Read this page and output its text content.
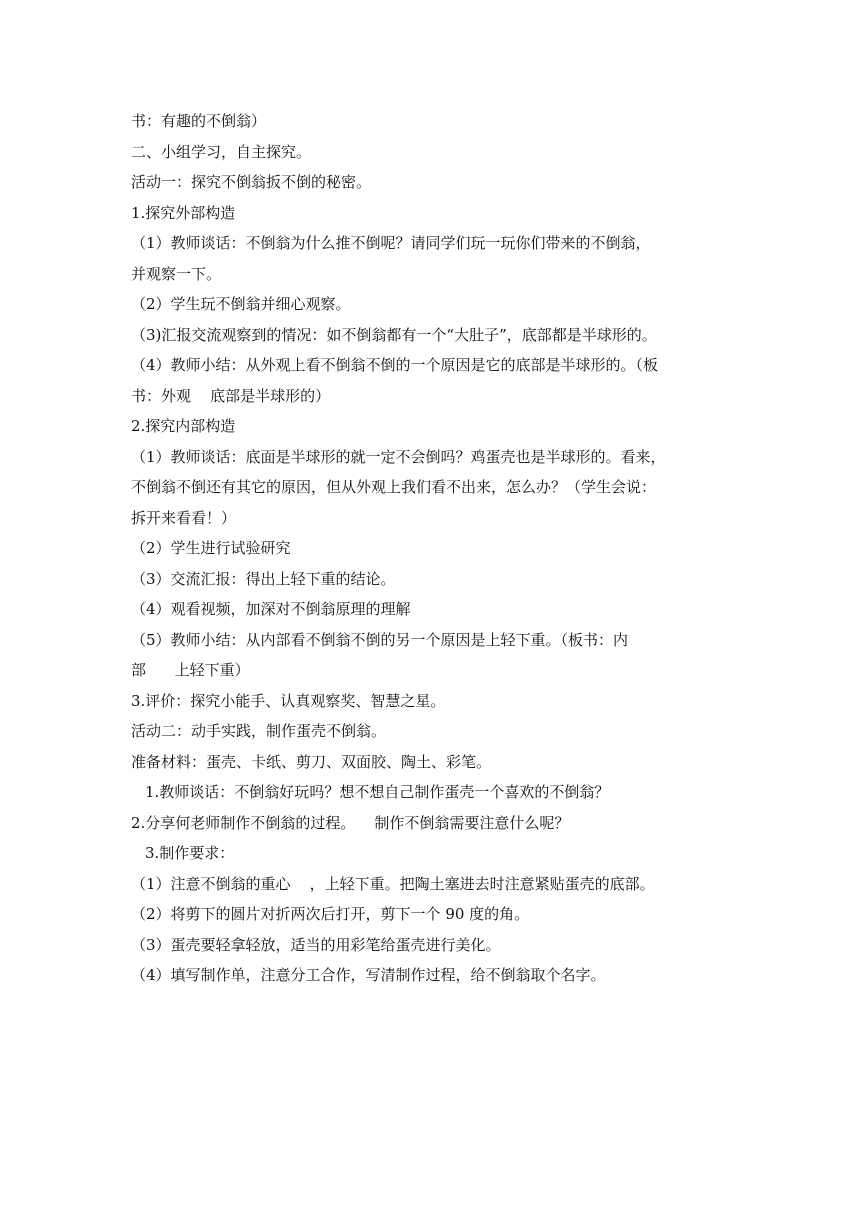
书：有趣的不倒翁）
二、小组学习，自主探究。
活动一：探究不倒翁扳不倒的秘密。
1.探究外部构造
（1）教师谈话：不倒翁为什么推不倒呢？请同学们玩一玩你们带来的不倒翁，
并观察一下。
（2）学生玩不倒翁并细心观察。
（3)汇报交流观察到的情况：如不倒翁都有一个“大肚子”，底部都是半球形的。
（4）教师小结：从外观上看不倒翁不倒的一个原因是它的底部是半球形的。（板
书：外观    底部是半球形的）
2.探究内部构造
（1）教师谈话：底面是半球形的就一定不会倒吗？鸡蛋壳也是半球形的。看来，
不倒翁不倒还有其它的原因，但从外观上我们看不出来，怎么办？（学生会说：
拆开来看看！）
（2）学生进行试验研究
（3）交流汇报：得出上轻下重的结论。
（4）观看视频，加深对不倒翁原理的理解
（5）教师小结：从内部看不倒翁不倒的另一个原因是上轻下重。（板书：内
部      上轻下重）
3.评价：探究小能手、认真观察奖、智慧之星。
活动二：动手实践，制作蛋壳不倒翁。
准备材料：蛋壳、卡纸、剪刀、双面胶、陶土、彩笔。
1.教师谈话：不倒翁好玩吗？想不想自己制作蛋壳一个喜欢的不倒翁？
2.分享何老师制作不倒翁的过程。    制作不倒翁需要注意什么呢？
3.制作要求：
（1）注意不倒翁的重心    ，上轻下重。把陶土塞进去时注意紧贴蛋壳的底部。
（2）将剪下的圆片对折两次后打开，剪下一个 90 度的角。
（3）蛋壳要轻拿轻放，适当的用彩笔给蛋壳进行美化。
（4）填写制作单，注意分工合作，写清制作过程，给不倒翁取个名字。
